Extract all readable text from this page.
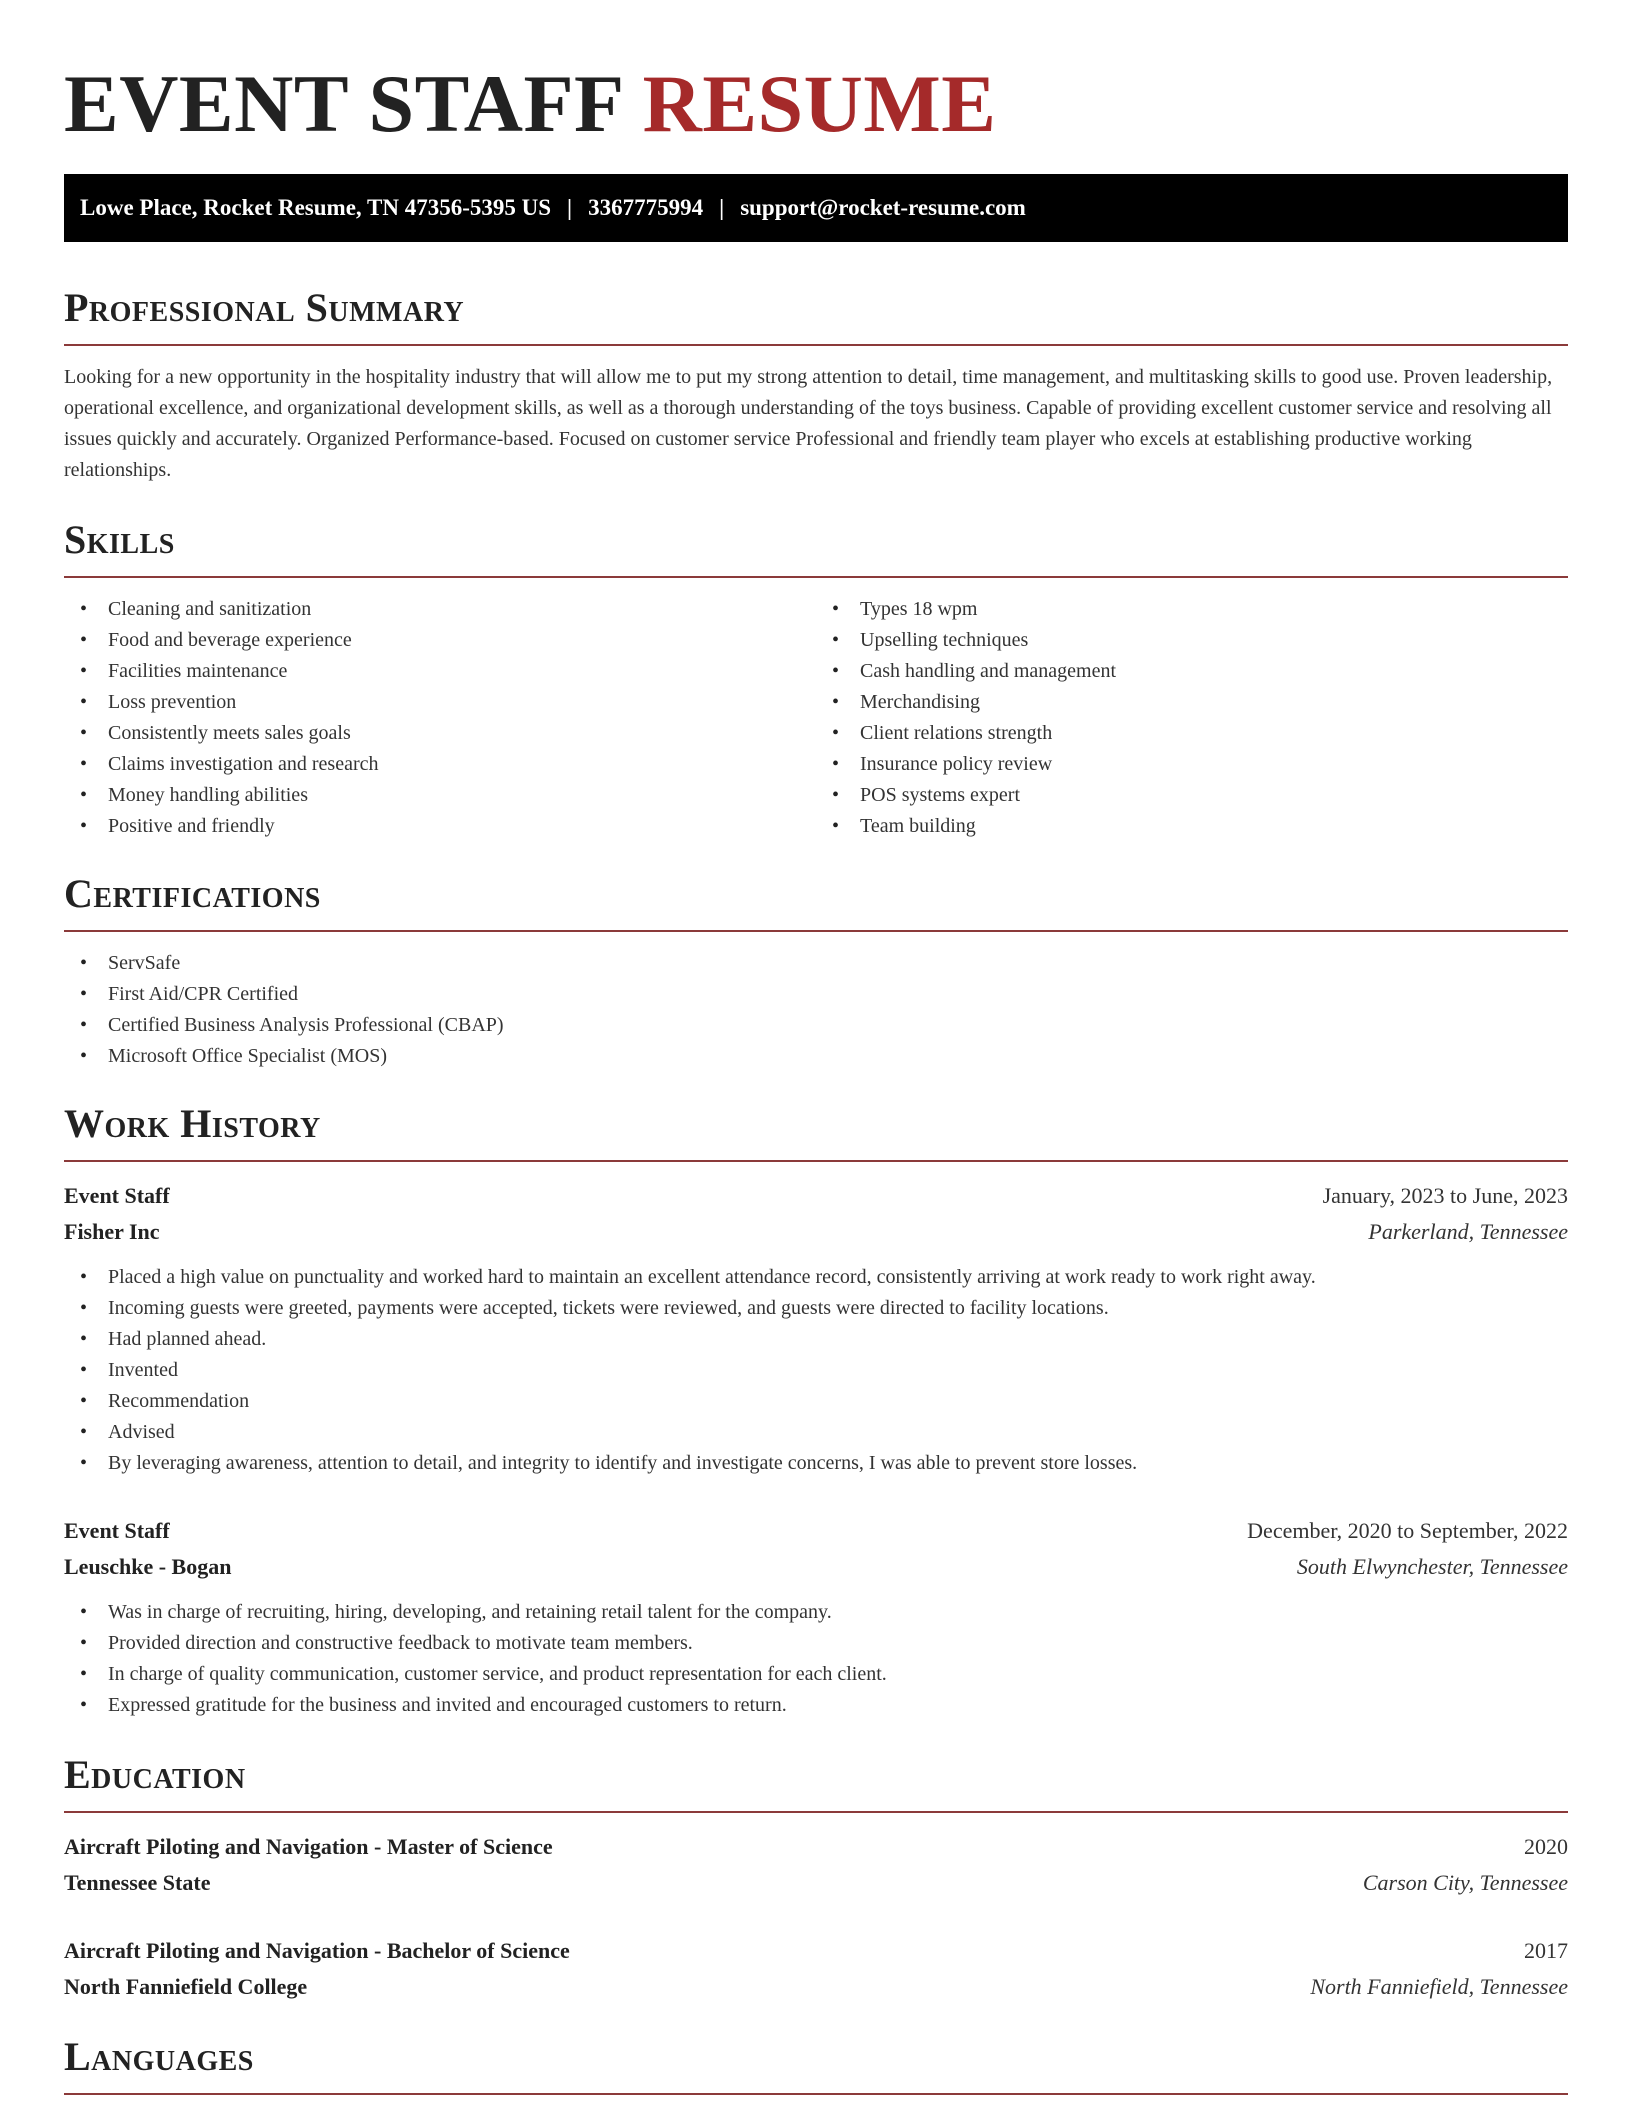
EVENT STAFF RESUME
Lowe Place, Rocket Resume, TN 47356-5395 US | 3367775994 | support@rocket-resume.com
Professional Summary

Looking for a new opportunity in the hospitality industry that will allow me to put my strong attention to detail, time management, and multitasking skills to good use. Proven leadership, operational excellence, and organizational development skills, as well as a thorough understanding of the toys business. Capable of providing excellent customer service and resolving all issues quickly and accurately. Organized Performance-based. Focused on customer service Professional and friendly team player who excels at establishing productive working relationships.

Skills
• Cleaning and sanitization
• Food and beverage experience
• Facilities maintenance
• Loss prevention
• Consistently meets sales goals
• Claims investigation and research
• Money handling abilities
• Positive and friendly
• Types 18 wpm
• Upselling techniques
• Cash handling and management
• Merchandising
• Client relations strength
• Insurance policy review
• POS systems expert
• Team building
Certifications
• ServSafe
• First Aid/CPR Certified
• Certified Business Analysis Professional (CBAP)
• Microsoft Office Specialist (MOS)
Work History
Event Staff	January, 2023 to June, 2023
Fisher Inc	Parkerland, Tennessee
• Placed a high value on punctuality and worked hard to maintain an excellent attendance record, consistently arriving at work ready to work right away.
• Incoming guests were greeted, payments were accepted, tickets were reviewed, and guests were directed to facility locations.
• Had planned ahead.
• Invented
• Recommendation
• Advised
• By leveraging awareness, attention to detail, and integrity to identify and investigate concerns, I was able to prevent store losses.
Event Staff	December, 2020 to September, 2022
Leuschke - Bogan	South Elwynchester, Tennessee
• Was in charge of recruiting, hiring, developing, and retaining retail talent for the company.
• Provided direction and constructive feedback to motivate team members.
• In charge of quality communication, customer service, and product representation for each client.
• Expressed gratitude for the business and invited and encouraged customers to return.
Education
Aircraft Piloting and Navigation - Master of Science	2020
Tennessee State	Carson City, Tennessee
Aircraft Piloting and Navigation - Bachelor of Science	2017
North Fanniefield College	North Fanniefield, Tennessee
Languages
